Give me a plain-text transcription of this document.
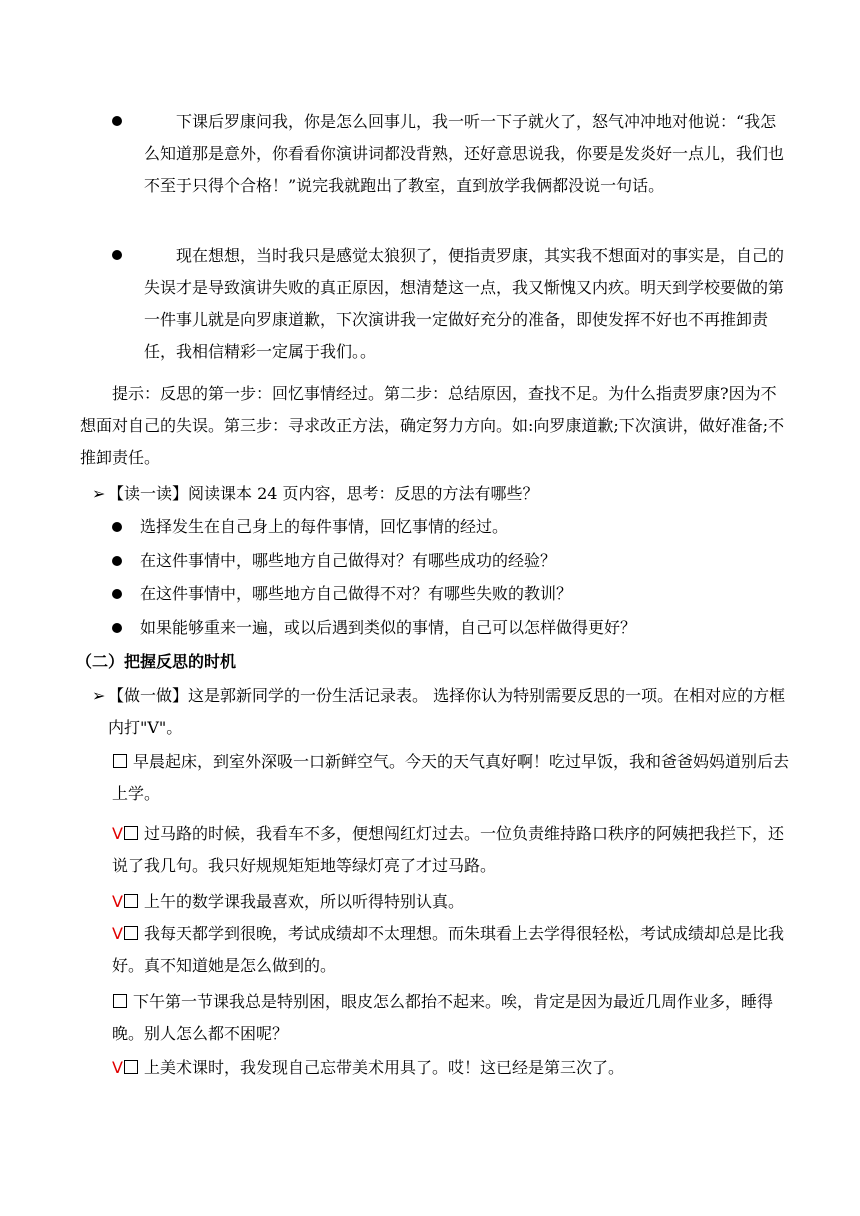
下课后罗康问我，你是怎么回事儿，我一听一下子就火了，怒气冲冲地对他说：“我怎么知道那是意外，你看看你演讲词都没背熟，还好意思说我，你要是发炎好一点儿，我们也不至于只得个合格！”说完我就跑出了教室，直到放学我俩都没说一句话。
现在想想，当时我只是感觉太狼狈了，便指责罗康，其实我不想面对的事实是，自己的失误才是导致演讲失败的真正原因，想清楚这一点，我又惭愧又内疚。明天到学校要做的第一件事儿就是向罗康道歉，下次演讲我一定做好充分的准备，即使发挥不好也不再推卸责任，我相信精彩一定属于我们。。
提示：反思的第一步：回忆事情经过。第二步：总结原因，查找不足。为什么指责罗康?因为不想面对自己的失误。第三步：寻求改正方法，确定努力方向。如:向罗康道歉;下次演讲，做好准备;不推卸责任。
➢ 【读一读】阅读课本 24 页内容，思考：反思的方法有哪些？
选择发生在自己身上的每件事情，回忆事情的经过。
在这件事情中，哪些地方自己做得对？有哪些成功的经验？
在这件事情中，哪些地方自己做得不对？有哪些失败的教训？
如果能够重来一遍，或以后遇到类似的事情，自己可以怎样做得更好？
（二）把握反思的时机
➢ 【做一做】这是郭新同学的一份生活记录表。 选择你认为特别需要反思的一项。在相对应的方框内打"V"。
早晨起床，到室外深吸一口新鲜空气。今天的天气真好啊！吃过早饭，我和爸爸妈妈道别后去上学。
V 过马路的时候，我看车不多，便想闯红灯过去。一位负责维持路口秩序的阿姨把我拦下，还说了我几句。我只好规规矩矩地等绿灯亮了才过马路。
V 上午的数学课我最喜欢，所以听得特别认真。
V 我每天都学到很晚，考试成绩却不太理想。而朱琪看上去学得很轻松，考试成绩却总是比我好。真不知道她是怎么做到的。
下午第一节课我总是特别困，眼皮怎么都抬不起来。唉，肯定是因为最近几周作业多，睡得晚。别人怎么都不困呢？
V 上美术课时，我发现自己忘带美术用具了。哎！这已经是第三次了。
